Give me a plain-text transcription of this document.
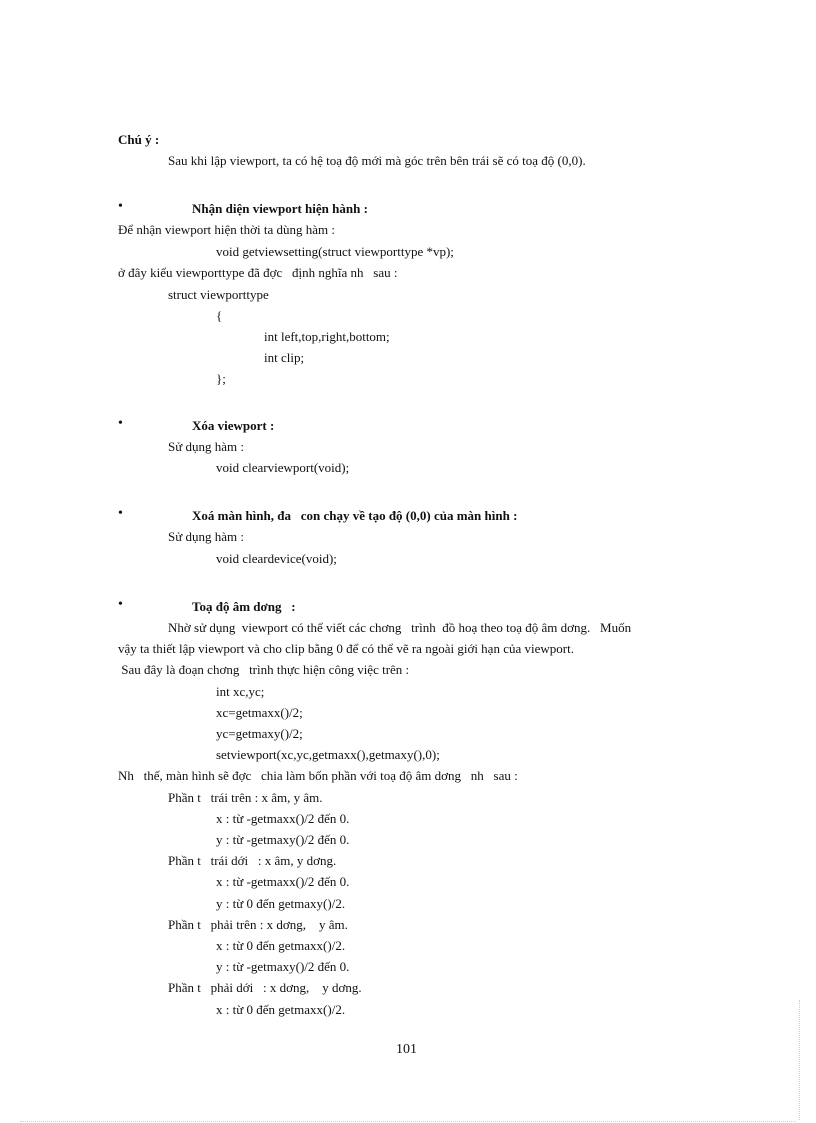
Chú ý :
Sau khi lập viewport, ta có hệ toạ độ mới mà góc trên bên trái sẽ có toạ độ (0,0).
•	Nhận diện viewport hiện hành :
Để nhận viewport hiện thời ta dùng hàm :
void getviewsetting(struct viewporttype *vp);
ở đây kiểu viewporttype đã đợc   định nghĩa nh   sau :
struct viewporttype
{
int left,top,right,bottom;
int clip;
};
•	Xóa viewport :
Sử dụng hàm :
void clearviewport(void);
•	Xoá màn hình, đa   con chạy về tạo độ (0,0) của màn hình :
Sử dụng hàm :
void cleardevice(void);
•	Toạ độ âm dơng   :
Nhờ sử dụng  viewport có thể viết các chơng   trình  đồ hoạ theo toạ độ âm dơng.   Muốn
vậy ta thiết lập viewport và cho clip bằng 0 để có thể vẽ ra ngoài giới hạn của viewport.
Sau đây là đoạn chơng   trình thực hiện công việc trên :
int xc,yc;
xc=getmaxx()/2;
yc=getmaxy()/2;
setviewport(xc,yc,getmaxx(),getmaxy(),0);
Nh   thế, màn hình sẽ đợc   chia làm bốn phần với toạ độ âm dơng   nh   sau :
Phần t   trái trên : x âm, y âm.
x : từ -getmaxx()/2 đến 0.
y : từ -getmaxy()/2 đến 0.
Phần t   trái dới   : x âm, y dơng.
x : từ -getmaxx()/2 đến 0.
y : từ 0 đến getmaxy()/2.
Phần t   phải trên : x dơng,    y âm.
x : từ 0 đến getmaxx()/2.
y : từ -getmaxy()/2 đến 0.
Phần t   phải dới   : x dơng,    y dơng.
x : từ 0 đến getmaxx()/2.
101
